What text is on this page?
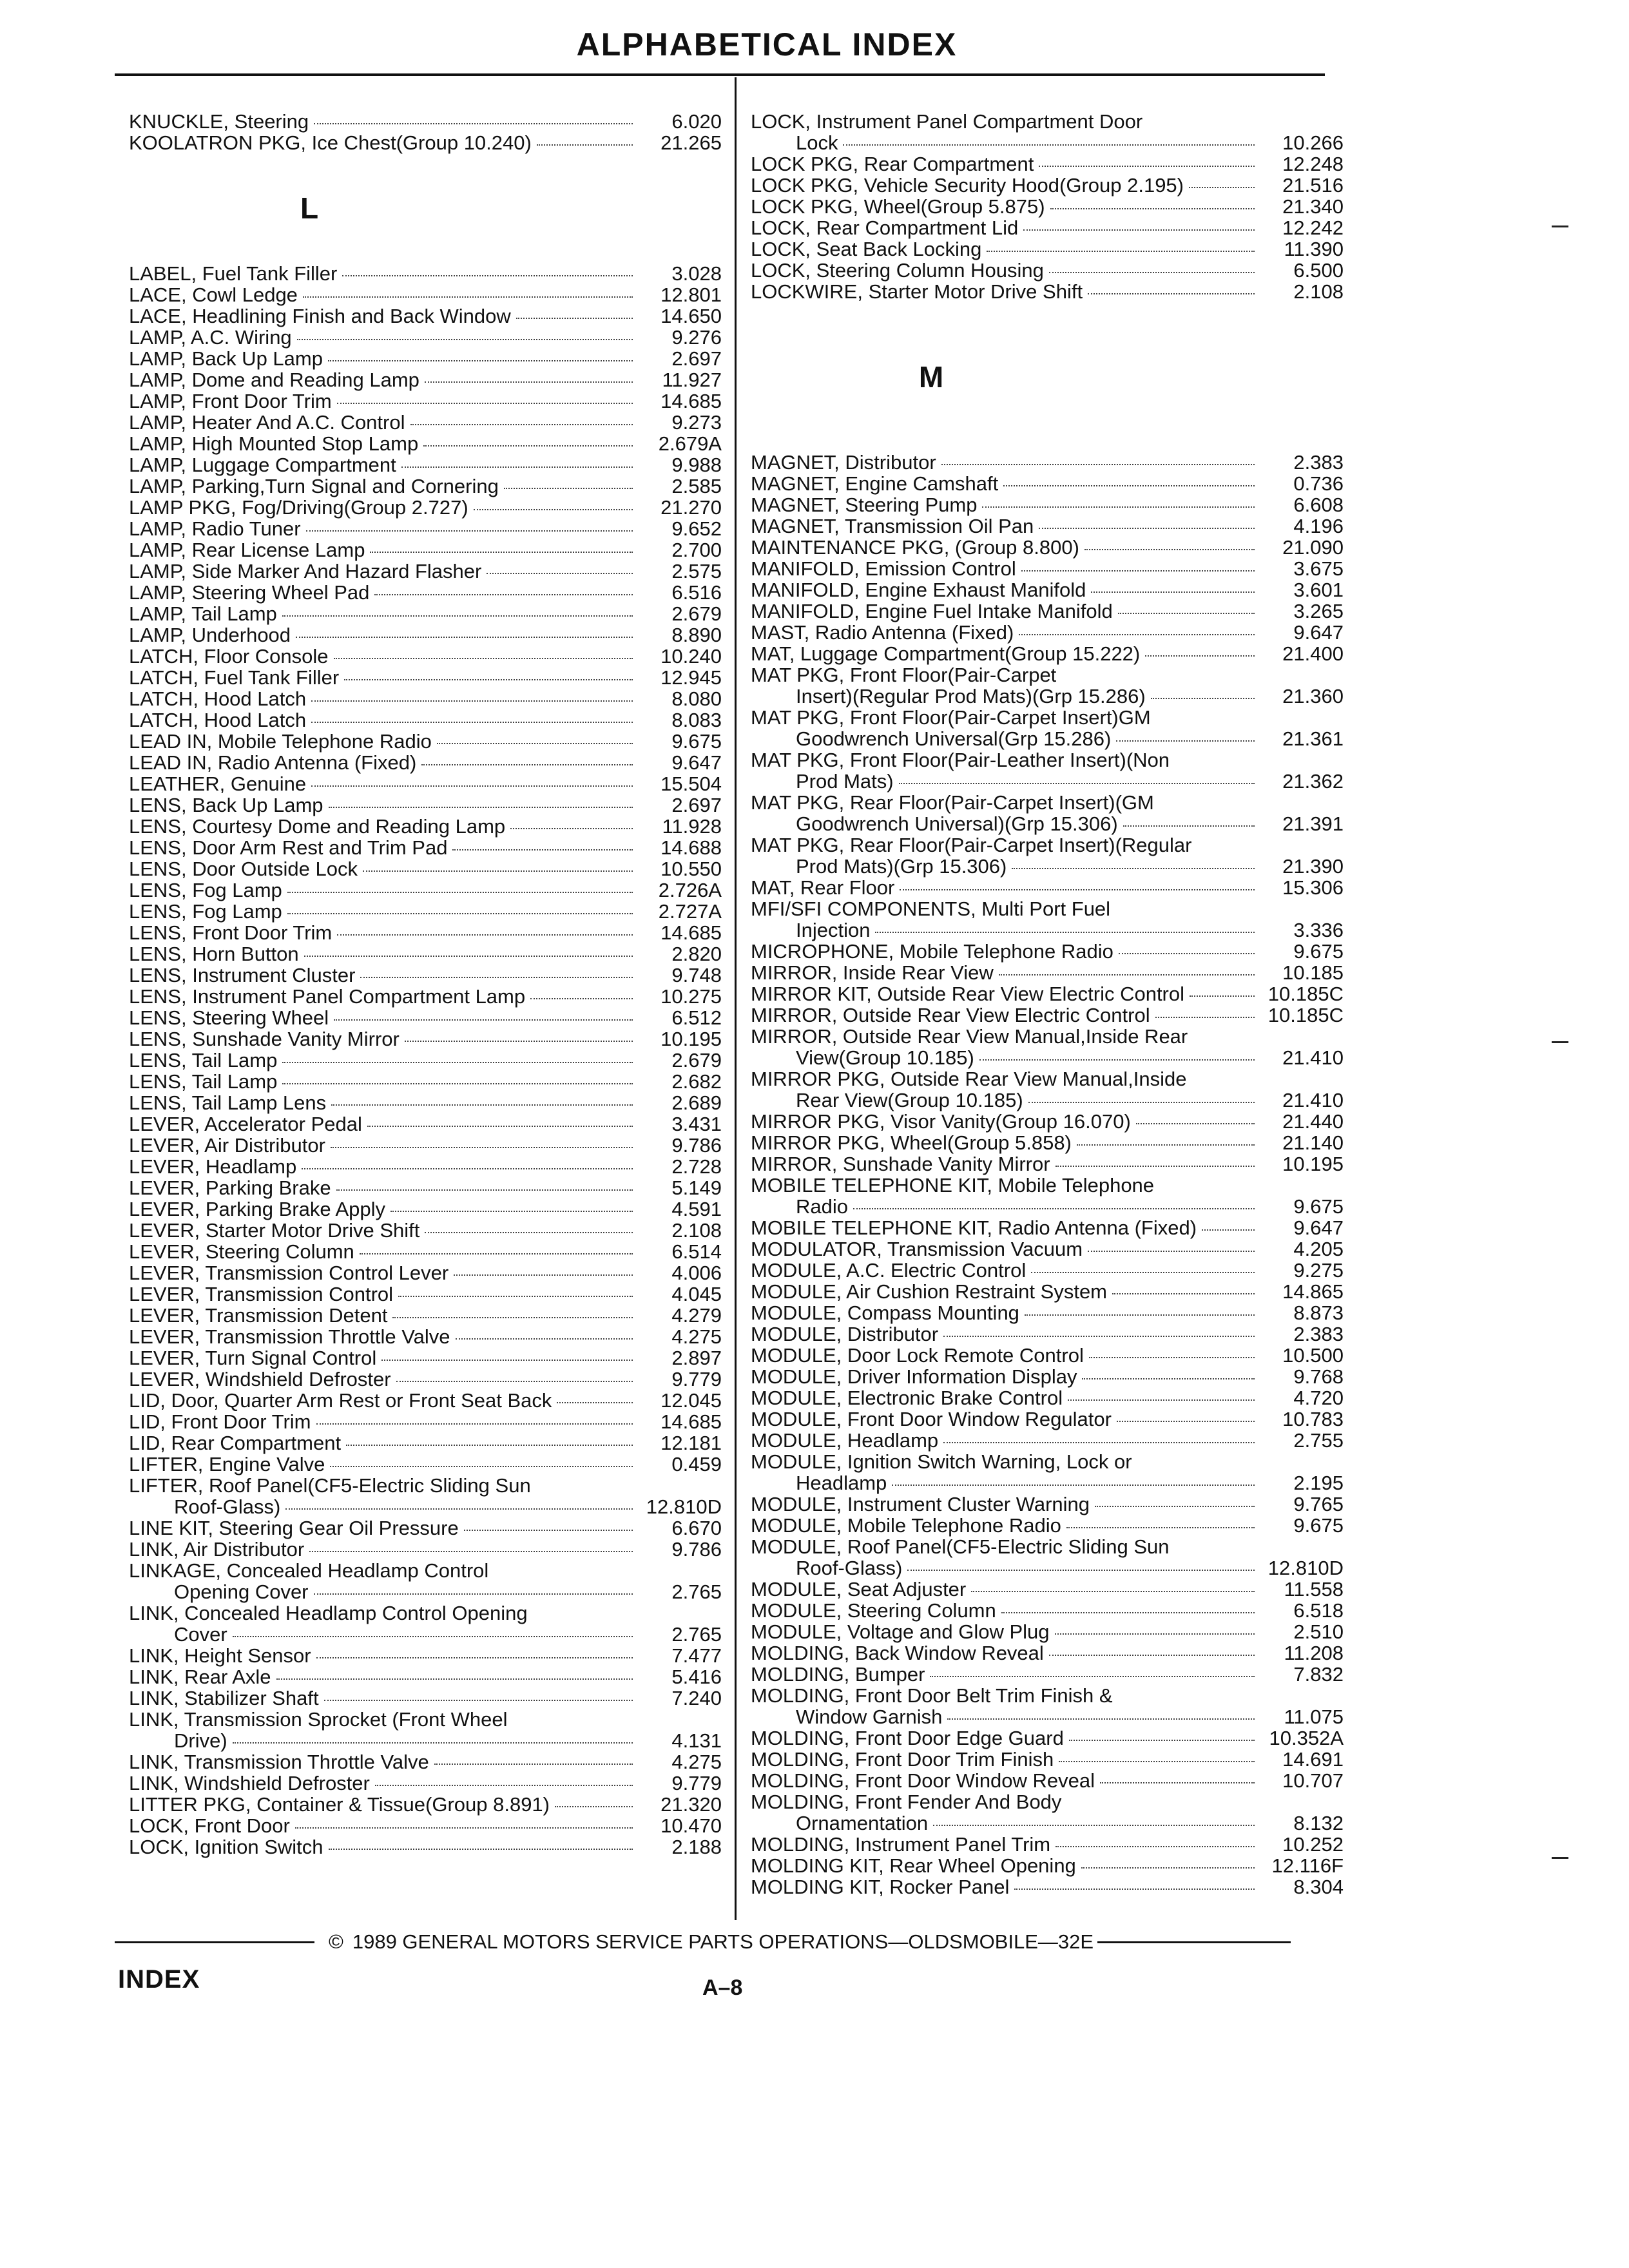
ALPHABETICAL INDEX
KNUCKLE, Steering	6.020
KOOLATRON PKG, Ice Chest(Group 10.240)	21.265
L
LABEL, Fuel Tank Filler	3.028
LACE, Cowl Ledge	12.801
LACE, Headlining Finish and Back Window	14.650
LAMP, A.C. Wiring	9.276
LAMP, Back Up Lamp	2.697
LAMP, Dome and Reading Lamp	11.927
LAMP, Front Door Trim	14.685
LAMP, Heater And A.C. Control	9.273
LAMP, High Mounted Stop Lamp	2.679A
LAMP, Luggage Compartment	9.988
LAMP, Parking,Turn Signal and Cornering	2.585
LAMP PKG, Fog/Driving(Group 2.727)	21.270
LAMP, Radio Tuner	9.652
LAMP, Rear License Lamp	2.700
LAMP, Side Marker And Hazard Flasher	2.575
LAMP, Steering Wheel Pad	6.516
LAMP, Tail Lamp	2.679
LAMP, Underhood	8.890
LATCH, Floor Console	10.240
LATCH, Fuel Tank Filler	12.945
LATCH, Hood Latch	8.080
LATCH, Hood Latch	8.083
LEAD IN, Mobile Telephone Radio	9.675
LEAD IN, Radio Antenna (Fixed)	9.647
LEATHER, Genuine	15.504
LENS, Back Up Lamp	2.697
LENS, Courtesy Dome and Reading Lamp	11.928
LENS, Door Arm Rest and Trim Pad	14.688
LENS, Door Outside Lock	10.550
LENS, Fog Lamp	2.726A
LENS, Fog Lamp	2.727A
LENS, Front Door Trim	14.685
LENS, Horn Button	2.820
LENS, Instrument Cluster	9.748
LENS, Instrument Panel Compartment Lamp	10.275
LENS, Steering Wheel	6.512
LENS, Sunshade Vanity Mirror	10.195
LENS, Tail Lamp	2.679
LENS, Tail Lamp	2.682
LENS, Tail Lamp Lens	2.689
LEVER, Accelerator Pedal	3.431
LEVER, Air Distributor	9.786
LEVER, Headlamp	2.728
LEVER, Parking Brake	5.149
LEVER, Parking Brake Apply	4.591
LEVER, Starter Motor Drive Shift	2.108
LEVER, Steering Column	6.514
LEVER, Transmission Control Lever	4.006
LEVER, Transmission Control	4.045
LEVER, Transmission Detent	4.279
LEVER, Transmission Throttle Valve	4.275
LEVER, Turn Signal Control	2.897
LEVER, Windshield Defroster	9.779
LID, Door, Quarter Arm Rest or Front Seat Back	12.045
LID, Front Door Trim	14.685
LID, Rear Compartment	12.181
LIFTER, Engine Valve	0.459
LIFTER, Roof Panel(CF5-Electric Sliding Sun
Roof-Glass)	12.810D
LINE KIT, Steering Gear Oil Pressure	6.670
LINK, Air Distributor	9.786
LINKAGE, Concealed Headlamp Control
Opening Cover	2.765
LINK, Concealed Headlamp Control Opening
Cover	2.765
LINK, Height Sensor	7.477
LINK, Rear Axle	5.416
LINK, Stabilizer Shaft	7.240
LINK, Transmission Sprocket (Front Wheel
Drive)	4.131
LINK, Transmission Throttle Valve	4.275
LINK, Windshield Defroster	9.779
LITTER PKG, Container & Tissue(Group 8.891)	21.320
LOCK, Front Door	10.470
LOCK, Ignition Switch	2.188
LOCK, Instrument Panel Compartment Door
Lock	10.266
LOCK PKG, Rear Compartment	12.248
LOCK PKG, Vehicle Security Hood(Group 2.195)	21.516
LOCK PKG, Wheel(Group 5.875)	21.340
LOCK, Rear Compartment Lid	12.242
LOCK, Seat Back Locking	11.390
LOCK, Steering Column Housing	6.500
LOCKWIRE, Starter Motor Drive Shift	2.108
M
MAGNET, Distributor	2.383
MAGNET, Engine Camshaft	0.736
MAGNET, Steering Pump	6.608
MAGNET, Transmission Oil Pan	4.196
MAINTENANCE PKG, (Group 8.800)	21.090
MANIFOLD, Emission Control	3.675
MANIFOLD, Engine Exhaust Manifold	3.601
MANIFOLD, Engine Fuel Intake Manifold	3.265
MAST, Radio Antenna (Fixed)	9.647
MAT, Luggage Compartment(Group 15.222)	21.400
MAT PKG, Front Floor(Pair-Carpet
Insert)(Regular Prod Mats)(Grp 15.286)	21.360
MAT PKG, Front Floor(Pair-Carpet Insert)GM
Goodwrench Universal(Grp 15.286)	21.361
MAT PKG, Front Floor(Pair-Leather Insert)(Non
Prod Mats)	21.362
MAT PKG, Rear Floor(Pair-Carpet Insert)(GM
Goodwrench Universal)(Grp 15.306)	21.391
MAT PKG, Rear Floor(Pair-Carpet Insert)(Regular
Prod Mats)(Grp 15.306)	21.390
MAT, Rear Floor	15.306
MFI/SFI COMPONENTS, Multi Port Fuel
Injection	3.336
MICROPHONE, Mobile Telephone Radio	9.675
MIRROR, Inside Rear View	10.185
MIRROR KIT, Outside Rear View Electric Control	10.185C
MIRROR, Outside Rear View Electric Control	10.185C
MIRROR, Outside Rear View Manual,Inside Rear
View(Group 10.185)	21.410
MIRROR PKG, Outside Rear View Manual,Inside
Rear View(Group 10.185)	21.410
MIRROR PKG, Visor Vanity(Group 16.070)	21.440
MIRROR PKG, Wheel(Group 5.858)	21.140
MIRROR, Sunshade Vanity Mirror	10.195
MOBILE TELEPHONE KIT, Mobile Telephone
Radio	9.675
MOBILE TELEPHONE KIT, Radio Antenna (Fixed)	9.647
MODULATOR, Transmission Vacuum	4.205
MODULE, A.C. Electric Control	9.275
MODULE, Air Cushion Restraint System	14.865
MODULE, Compass Mounting	8.873
MODULE, Distributor	2.383
MODULE, Door Lock Remote Control	10.500
MODULE, Driver Information Display	9.768
MODULE, Electronic Brake Control	4.720
MODULE, Front Door Window Regulator	10.783
MODULE, Headlamp	2.755
MODULE, Ignition Switch Warning, Lock or
Headlamp	2.195
MODULE, Instrument Cluster Warning	9.765
MODULE, Mobile Telephone Radio	9.675
MODULE, Roof Panel(CF5-Electric Sliding Sun
Roof-Glass)	12.810D
MODULE, Seat Adjuster	11.558
MODULE, Steering Column	6.518
MODULE, Voltage and Glow Plug	2.510
MOLDING, Back Window Reveal	11.208
MOLDING, Bumper	7.832
MOLDING, Front Door Belt Trim Finish &
Window Garnish	11.075
MOLDING, Front Door Edge Guard	10.352A
MOLDING, Front Door Trim Finish	14.691
MOLDING, Front Door Window Reveal	10.707
MOLDING, Front Fender And Body
Ornamentation	8.132
MOLDING, Instrument Panel Trim	10.252
MOLDING KIT, Rear Wheel Opening	12.116F
MOLDING KIT, Rocker Panel	8.304
© 1989 GENERAL MOTORS SERVICE PARTS OPERATIONS—OLDSMOBILE—32E
INDEX	A–8
